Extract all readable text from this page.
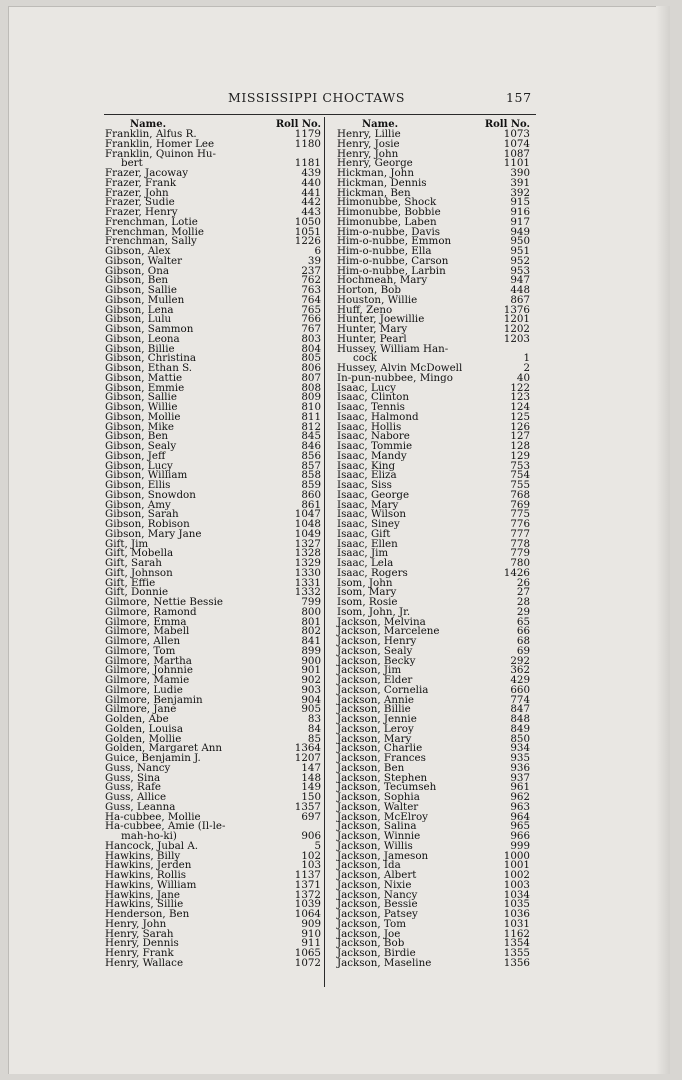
MISSISSIPPI CHOCTAWS	157
Name.	Roll No.
Franklin, Alfus R.	1179
Franklin, Homer Lee	1180
Franklin, Quinon Hu-
bert	1181
Frazer, Jacoway	439
Frazer, Frank	440
Frazer, John	441
Frazer, Sudie	442
Frazer, Henry	443
Frenchman, Lotie	1050
Frenchman, Mollie	1051
Frenchman, Sally	1226
Gibson, Alex	6
Gibson, Walter	39
Gibson, Ona	237
Gibson, Ben	762
Gibson, Sallie	763
Gibson, Mullen	764
Gibson, Lena	765
Gibson, Lulu	766
Gibson, Sammon	767
Gibson, Leona	803
Gibson, Billie	804
Gibson, Christina	805
Gibson, Ethan S.	806
Gibson, Mattie	807
Gibson, Emmie	808
Gibson, Sallie	809
Gibson, Willie	810
Gibson, Mollie	811
Gibson, Mike	812
Gibson, Ben	845
Gibson, Sealy	846
Gibson, Jeff	856
Gibson, Lucy	857
Gibson, William	858
Gibson, Ellis	859
Gibson, Snowdon	860
Gibson, Amy	861
Gibson, Sarah	1047
Gibson, Robison	1048
Gibson, Mary Jane	1049
Gift, Jim	1327
Gift, Mobella	1328
Gift, Sarah	1329
Gift, Johnson	1330
Gift, Effie	1331
Gift, Donnie	1332
Gilmore, Nettie Bessie	799
Gilmore, Ramond	800
Gilmore, Emma	801
Gilmore, Mabell	802
Gilmore, Allen	841
Gilmore, Tom	899
Gilmore, Martha	900
Gilmore, Johnnie	901
Gilmore, Mamie	902
Gilmore, Ludie	903
Gilmore, Benjamin	904
Gilmore, Jane	905
Golden, Abe	83
Golden, Louisa	84
Golden, Mollie	85
Golden, Margaret Ann	1364
Guice, Benjamin J.	1207
Guss, Nancy	147
Guss, Sina	148
Guss, Rafe	149
Guss, Allice	150
Guss, Leanna	1357
Ha-cubbee, Mollie	697
Ha-cubbee, Amie (Il-le-
mah-ho-ki)	906
Hancock, Jubal A.	5
Hawkins, Billy	102
Hawkins, Jerden	103
Hawkins, Rollis	1137
Hawkins, William	1371
Hawkins, Jane	1372
Hawkins, Sillie	1039
Henderson, Ben	1064
Henry, John	909
Henry, Sarah	910
Henry, Dennis	911
Henry, Frank	1065
Henry, Wallace	1072
Name.	Roll No.
Henry, Lillie	1073
Henry, Josie	1074
Henry, John	1087
Henry, George	1101
Hickman, John	390
Hickman, Dennis	391
Hickman, Ben	392
Himonubbe, Shock	915
Himonubbe, Bobbie	916
Himonubbe, Laben	917
Him-o-nubbe, Davis	949
Him-o-nubbe, Emmon	950
Him-o-nubbe, Ella	951
Him-o-nubbe, Carson	952
Him-o-nubbe, Larbin	953
Hochmeah, Mary	947
Horton, Bob	448
Houston, Willie	867
Huff, Zeno	1376
Hunter, Joewillie	1201
Hunter, Mary	1202
Hunter, Pearl	1203
Hussey, William Han-
cock	1
Hussey, Alvin McDowell	2
In-pun-nubbee, Mingo	40
Isaac, Lucy	122
Isaac, Clinton	123
Isaac, Tennis	124
Isaac, Halmond	125
Isaac, Hollis	126
Isaac, Nabore	127
Isaac, Tommie	128
Isaac, Mandy	129
Isaac, King	753
Isaac, Eliza	754
Isaac, Siss	755
Isaac, George	768
Isaac, Mary	769
Isaac, Wilson	775
Isaac, Siney	776
Isaac, Gift	777
Isaac, Ellen	778
Isaac, Jim	779
Isaac, Lela	780
Isaac, Rogers	1426
Isom, John	26
Isom, Mary	27
Isom, Rosie	28
Isom, John, Jr.	29
Jackson, Melvina	65
Jackson, Marcelene	66
Jackson, Henry	68
Jackson, Sealy	69
Jackson, Becky	292
Jackson, Jim	362
Jackson, Elder	429
Jackson, Cornelia	660
Jackson, Annie	774
Jackson, Billie	847
Jackson, Jennie	848
Jackson, Leroy	849
Jackson, Mary	850
Jackson, Charlie	934
Jackson, Frances	935
Jackson, Ben	936
Jackson, Stephen	937
Jackson, Tecumseh	961
Jackson, Sophia	962
Jackson, Walter	963
Jackson, McElroy	964
Jackson, Salina	965
Jackson, Winnie	966
Jackson, Willis	999
Jackson, Jameson	1000
Jackson, Ida	1001
Jackson, Albert	1002
Jackson, Nixie	1003
Jackson, Nancy	1034
Jackson, Bessie	1035
Jackson, Patsey	1036
Jackson, Tom	1031
Jackson, Joe	1162
Jackson, Bob	1354
Jackson, Birdie	1355
Jackson, Maseline	1356
